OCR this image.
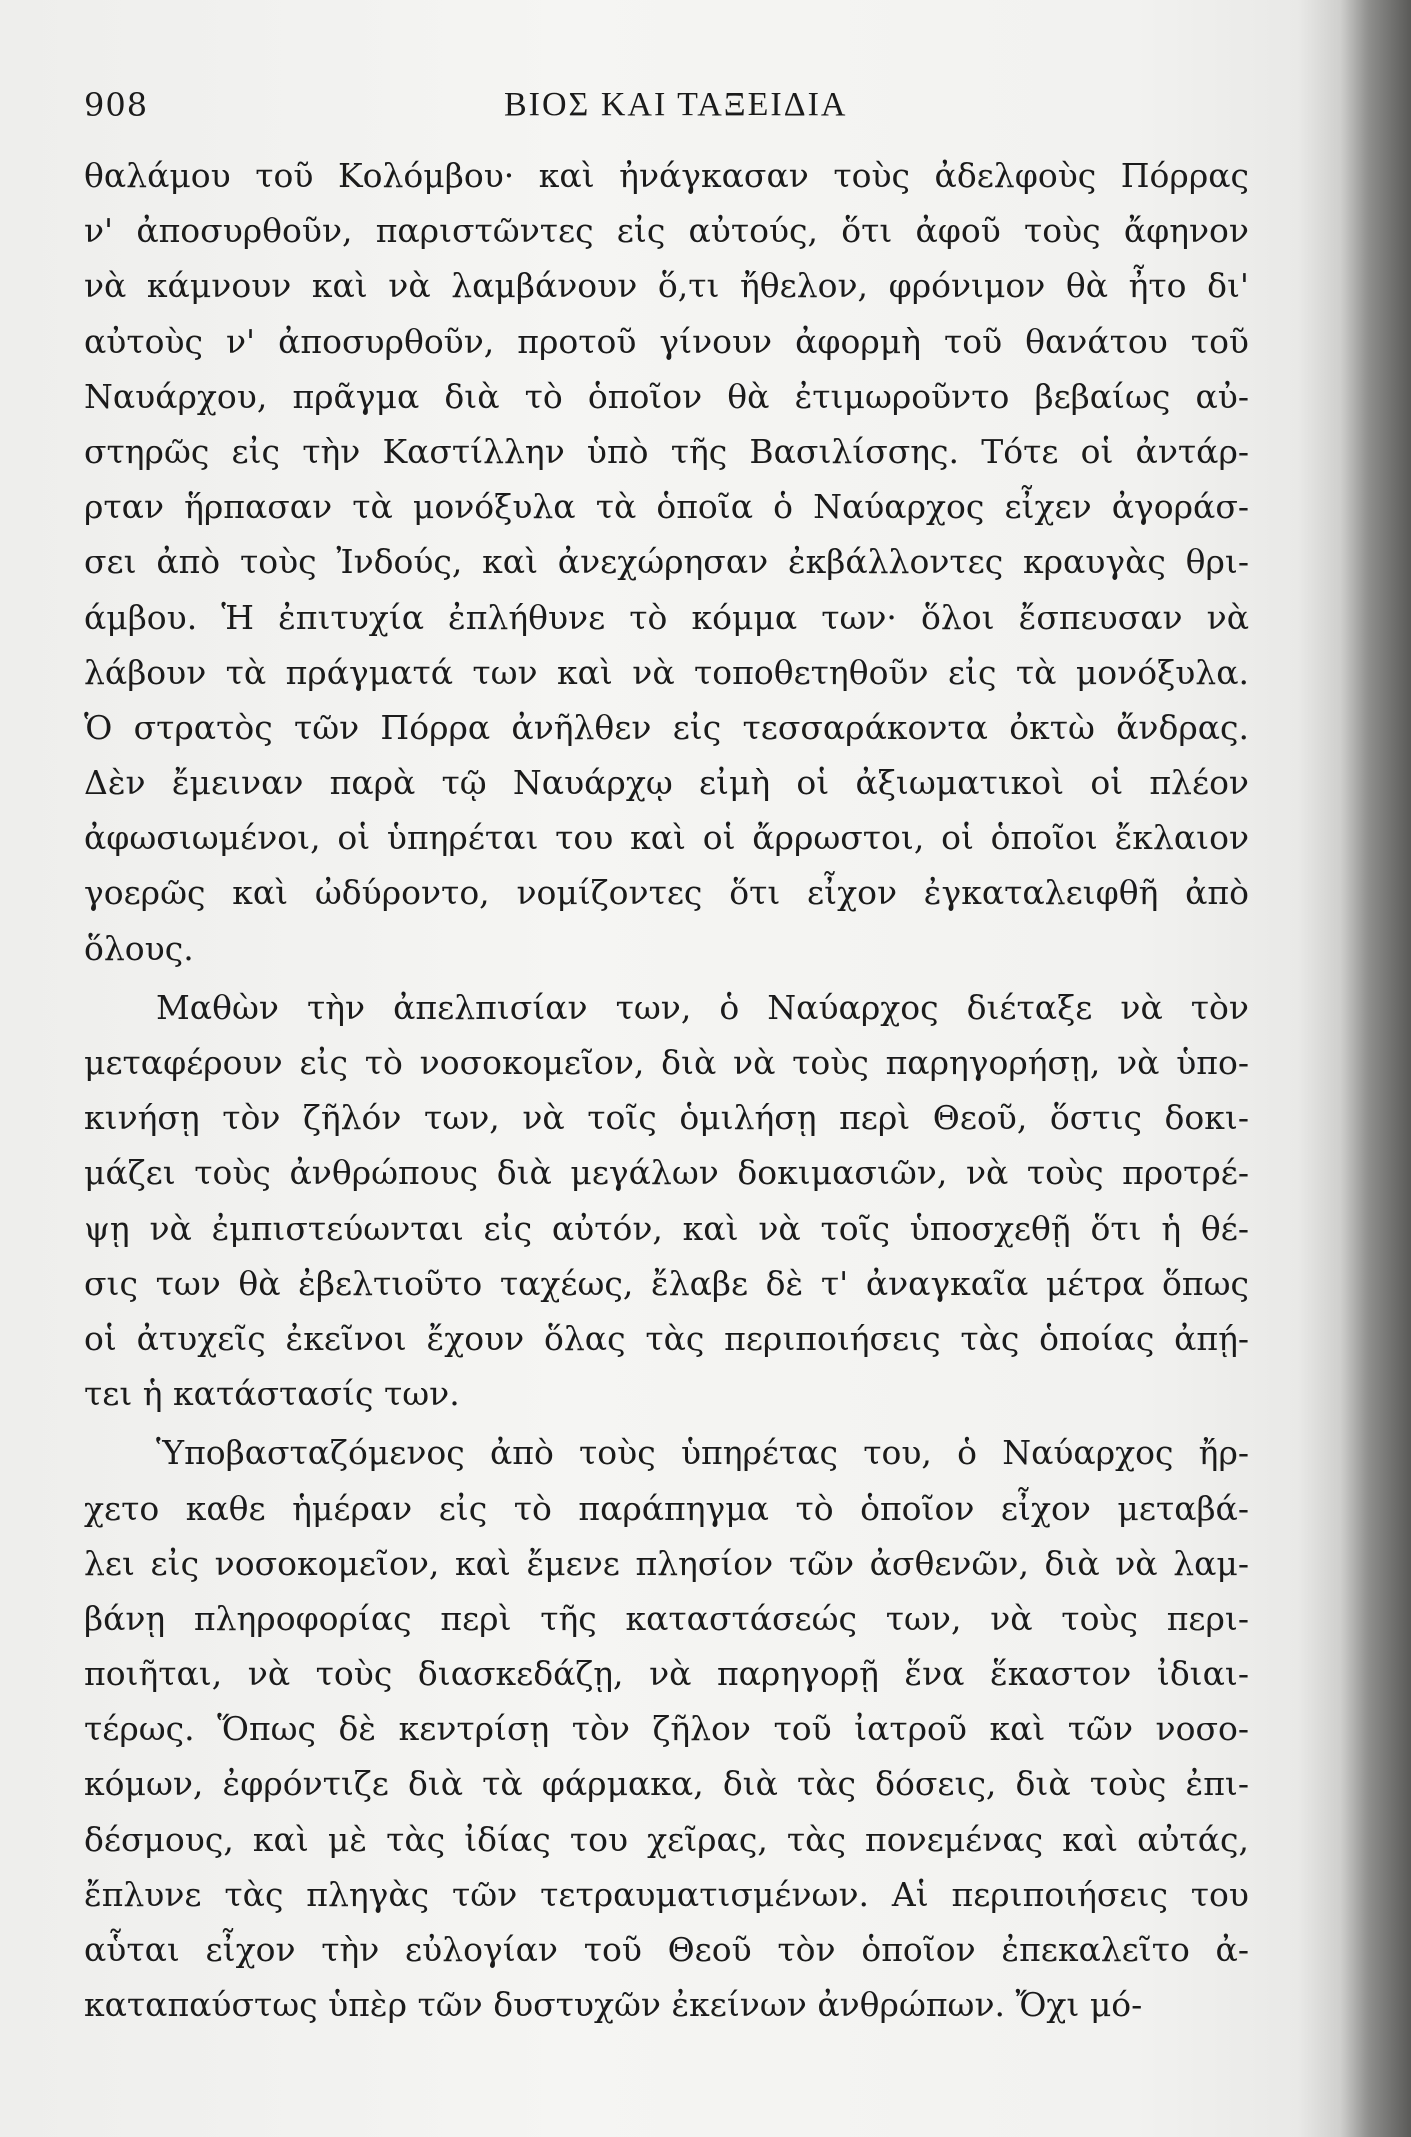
908	ΒΙΟΣ ΚΑΙ ΤΑΞΕΙΔΙΑ
θαλάμου τοῦ Κολόμβου· καὶ ἠνάγκασαν τοὺς ἀδελφοὺς Πόρρας
ν' ἀποσυρθοῦν, παριστῶντες εἰς αὐτούς, ὅτι ἀφοῦ τοὺς ἄφηνον
νὰ κάμνουν καὶ νὰ λαμβάνουν ὅ,τι ἤθελον, φρόνιμον θὰ ἦτο δι'
αὐτοὺς ν' ἀποσυρθοῦν, προτοῦ γίνουν ἀφορμὴ τοῦ θανάτου τοῦ
Ναυάρχου, πρᾶγμα διὰ τὸ ὁποῖον θὰ ἐτιμωροῦντο βεβαίως αὐ-
στηρῶς εἰς τὴν Καστίλλην ὑπὸ τῆς Βασιλίσσης. Τότε οἱ ἀντάρ-
ρταν ἥρπασαν τὰ μονόξυλα τὰ ὁποῖα ὁ Ναύαρχος εἶχεν ἀγοράσ-
σει ἀπὸ τοὺς Ἰνδούς, καὶ ἀνεχώρησαν ἐκβάλλοντες κραυγὰς θρι-
άμβου. Ἡ ἐπιτυχία ἐπλήθυνε τὸ κόμμα των· ὅλοι ἔσπευσαν νὰ
λάβουν τὰ πράγματά των καὶ νὰ τοποθετηθοῦν εἰς τὰ μονόξυλα.
Ὁ στρατὸς τῶν Πόρρα ἀνῆλθεν εἰς τεσσαράκοντα ὀκτὼ ἄνδρας.
Δὲν ἔμειναν παρὰ τῷ Ναυάρχῳ εἰμὴ οἱ ἀξιωματικοὶ οἱ πλέον
ἀφωσιωμένοι, οἱ ὑπηρέται του καὶ οἱ ἄρρωστοι, οἱ ὁποῖοι ἔκλαιον
γοερῶς καὶ ὠδύροντο, νομίζοντες ὅτι εἶχον ἐγκαταλειφθῆ ἀπὸ
ὅλους.
Μαθὼν τὴν ἀπελπισίαν των, ὁ Ναύαρχος διέταξε νὰ τὸν
μεταφέρουν εἰς τὸ νοσοκομεῖον, διὰ νὰ τοὺς παρηγορήσῃ, νὰ ὑπο-
κινήσῃ τὸν ζῆλόν των, νὰ τοῖς ὁμιλήσῃ περὶ Θεοῦ, ὅστις δοκι-
μάζει τοὺς ἀνθρώπους διὰ μεγάλων δοκιμασιῶν, νὰ τοὺς προτρέ-
ψῃ νὰ ἐμπιστεύωνται εἰς αὐτόν, καὶ νὰ τοῖς ὑποσχεθῇ ὅτι ἡ θέ-
σις των θὰ ἐβελτιοῦτο ταχέως, ἔλαβε δὲ τ' ἀναγκαῖα μέτρα ὅπως
οἱ ἀτυχεῖς ἐκεῖνοι ἔχουν ὅλας τὰς περιποιήσεις τὰς ὁποίας ἀπῄ-
τει ἡ κατάστασίς των.
Ὑποβασταζόμενος ἀπὸ τοὺς ὑπηρέτας του, ὁ Ναύαρχος ἤρ-
χετο καθε ἡμέραν εἰς τὸ παράπηγμα τὸ ὁποῖον εἶχον μεταβά-
λει εἰς νοσοκομεῖον, καὶ ἔμενε πλησίον τῶν ἀσθενῶν, διὰ νὰ λαμ-
βάνῃ πληροφορίας περὶ τῆς καταστάσεώς των, νὰ τοὺς περι-
ποιῆται, νὰ τοὺς διασκεδάζῃ, νὰ παρηγορῇ ἕνα ἕκαστον ἰδιαι-
τέρως. Ὅπως δὲ κεντρίσῃ τὸν ζῆλον τοῦ ἰατροῦ καὶ τῶν νοσο-
κόμων, ἐφρόντιζε διὰ τὰ φάρμακα, διὰ τὰς δόσεις, διὰ τοὺς ἐπι-
δέσμους, καὶ μὲ τὰς ἰδίας του χεῖρας, τὰς πονεμένας καὶ αὐτάς,
ἔπλυνε τὰς πληγὰς τῶν τετραυματισμένων. Αἱ περιποιήσεις του
αὗται εἶχον τὴν εὐλογίαν τοῦ Θεοῦ τὸν ὁποῖον ἐπεκαλεῖτο ἀ-
καταπαύστως ὑπὲρ τῶν δυστυχῶν ἐκείνων ἀνθρώπων. Ὄχι μό-
